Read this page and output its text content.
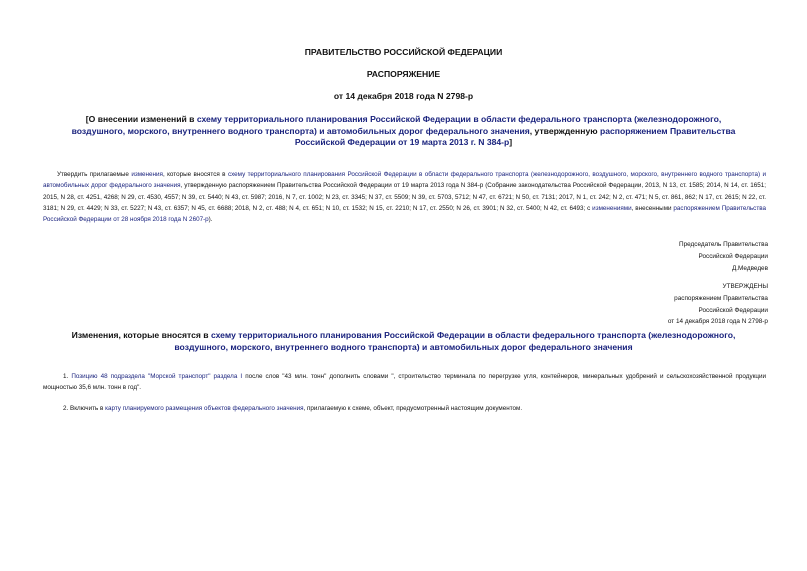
ПРАВИТЕЛЬСТВО РОССИЙСКОЙ ФЕДЕРАЦИИ
РАСПОРЯЖЕНИЕ
от 14 декабря 2018 года N 2798-р
[О внесении изменений в схему территориального планирования Российской Федерации в области федерального транспорта (железнодорожного, воздушного, морского, внутреннего водного транспорта) и автомобильных дорог федерального значения, утвержденную распоряжением Правительства Российской Федерации от 19 марта 2013 г. N 384-р]
Утвердить прилагаемые изменения, которые вносятся в схему территориального планирования Российской Федерации в области федерального транспорта (железнодорожного, воздушного, морского, внутреннего водного транспорта) и автомобильных дорог федерального значения, утвержденную распоряжением Правительства Российской Федерации от 19 марта 2013 года N 384-р (Собрание законодательства Российской Федерации, 2013, N 13, ст. 1585; 2014, N 14, ст. 1651; 2015, N 28, ст. 4251, 4268; N 29, ст. 4530, 4557; N 39, ст. 5440; N 43, ст. 5987; 2016, N 7, ст. 1002; N 23, ст. 3345; N 37, ст. 5509; N 39, ст. 5703, 5712; N 47, ст. 6721; N 50, ст. 7131; 2017, N 1, ст. 242; N 2, ст. 471; N 5, ст. 861, 862; N 17, ст. 2615; N 22, ст. 3181; N 29, ст. 4429; N 33, ст. 5227; N 43, ст. 6357; N 45, ст. 6688; 2018, N 2, ст. 488; N 4, ст. 651; N 10, ст. 1532; N 15, ст. 2210; N 17, ст. 2550; N 26, ст. 3901; N 32, ст. 5400; N 42, ст. 6493; с изменениями, внесенными распоряжением Правительства Российской Федерации от 28 ноября 2018 года N 2607-р).
Председатель Правительства
Российской Федерации
Д.Медведев
УТВЕРЖДЕНЫ
распоряжением Правительства
Российской Федерации
от 14 декабря 2018 года N 2798-р
Изменения, которые вносятся в схему территориального планирования Российской Федерации в области федерального транспорта (железнодорожного, воздушного, морского, внутреннего водного транспорта) и автомобильных дорог федерального значения
1. Позицию 48 подраздела "Морской транспорт" раздела I после слов "43 млн. тонн" дополнить словами ", строительство терминала по перегрузке угля, контейнеров, минеральных удобрений и сельскохозяйственной продукции мощностью 35,6 млн. тонн в год".
2. Включить в карту планируемого размещения объектов федерального значения, прилагаемую к схеме, объект, предусмотренный настоящим документом.
